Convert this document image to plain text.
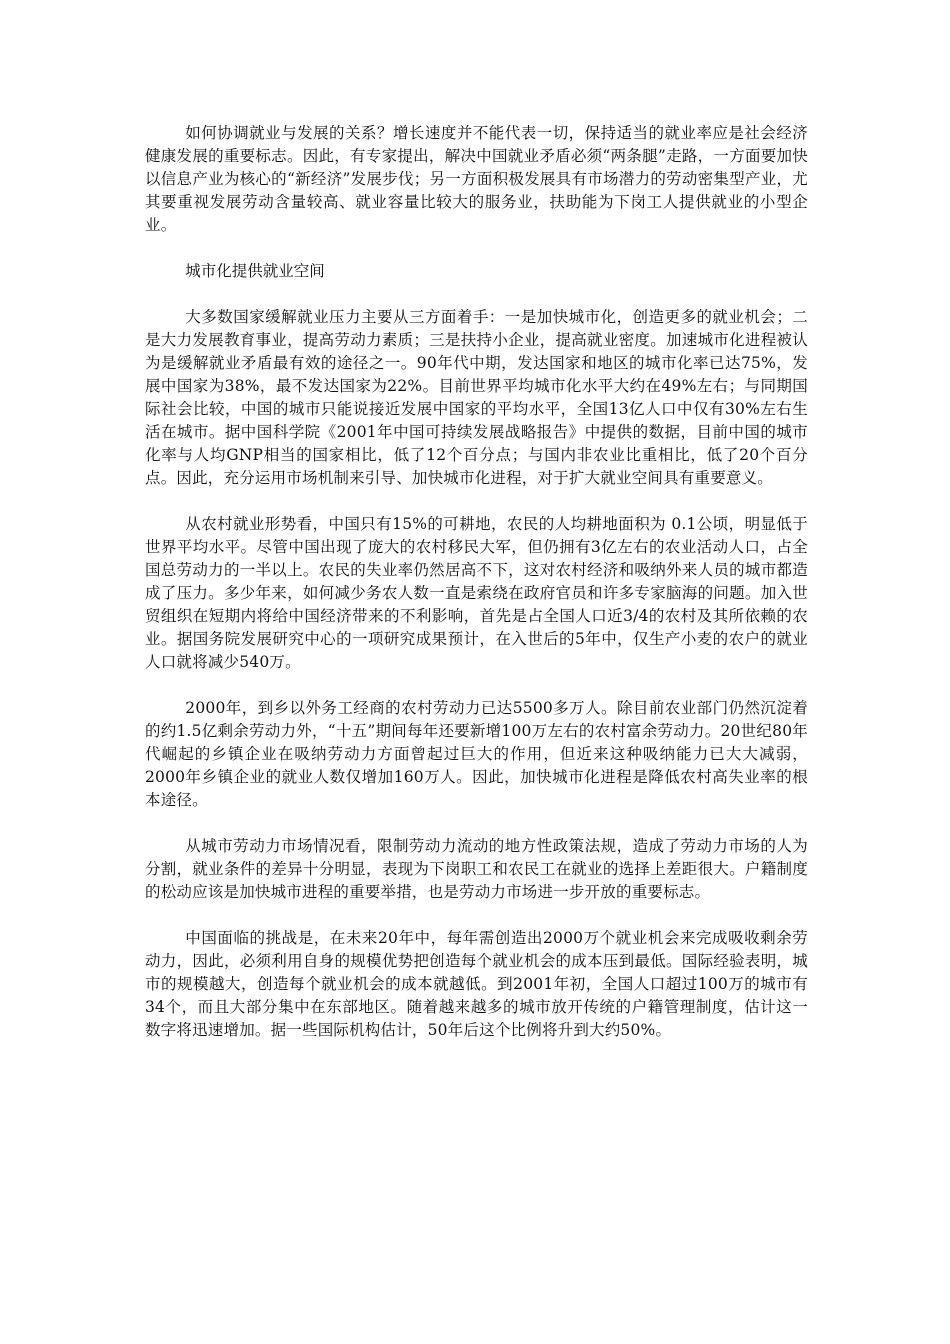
如何协调就业与发展的关系？增长速度并不能代表一切，保持适当的就业率应是社会经济健康发展的重要标志。因此，有专家提出，解决中国就业矛盾必须“两条腿”走路，一方面要加快以信息产业为核心的“新经济”发展步伐；另一方面积极发展具有市场潜力的劳动密集型产业，尤其要重视发展劳动含量较高、就业容量比较大的服务业，扶助能为下岗工人提供就业的小型企业。

城市化提供就业空间

大多数国家缓解就业压力主要从三方面着手：一是加快城市化，创造更多的就业机会；二是大力发展教育事业，提高劳动力素质；三是扶持小企业，提高就业密度。加速城市化进程被认为是缓解就业矛盾最有效的途径之一。90年代中期，发达国家和地区的城市化率已达75%，发展中国家为38%，最不发达国家为22%。目前世界平均城市化水平大约在49%左右；与同期国际社会比较，中国的城市只能说接近发展中国家的平均水平，全国13亿人口中仅有30%左右生活在城市。据中国科学院《2001年中国可持续发展战略报告》中提供的数据，目前中国的城市化率与人均GNP相当的国家相比，低了12个百分点；与国内非农业比重相比，低了20个百分点。因此，充分运用市场机制来引导、加快城市化进程，对于扩大就业空间具有重要意义。

从农村就业形势看，中国只有15%的可耕地，农民的人均耕地面积为 0.1公顷，明显低于世界平均水平。尽管中国出现了庞大的农村移民大军，但仍拥有3亿左右的农业活动人口，占全国总劳动力的一半以上。农民的失业率仍然居高不下，这对农村经济和吸纳外来人员的城市都造成了压力。多少年来，如何减少务农人数一直是索绕在政府官员和许多专家脑海的问题。加入世贸组织在短期内将给中国经济带来的不利影响，首先是占全国人口近3/4的农村及其所依赖的农业。据国务院发展研究中心的一项研究成果预计，在入世后的5年中，仅生产小麦的农户的就业人口就将减少540万。

2000年，到乡以外务工经商的农村劳动力已达5500多万人。除目前农业部门仍然沉淀着的约1.5亿剩余劳动力外，“十五”期间每年还要新增100万左右的农村富余劳动力。20世纪80年代崛起的乡镇企业在吸纳劳动力方面曾起过巨大的作用，但近来这种吸纳能力已大大减弱，2000年乡镇企业的就业人数仅增加160万人。因此，加快城市化进程是降低农村高失业率的根本途径。

从城市劳动力市场情况看，限制劳动力流动的地方性政策法规，造成了劳动力市场的人为分割，就业条件的差异十分明显，表现为下岗职工和农民工在就业的选择上差距很大。户籍制度的松动应该是加快城市进程的重要举措，也是劳动力市场进一步开放的重要标志。

中国面临的挑战是，在未来20年中，每年需创造出2000万个就业机会来完成吸收剩余劳动力，因此，必须利用自身的规模优势把创造每个就业机会的成本压到最低。国际经验表明，城市的规模越大，创造每个就业机会的成本就越低。到2001年初，全国人口超过100万的城市有34个，而且大部分集中在东部地区。随着越来越多的城市放开传统的户籍管理制度，估计这一数字将迅速增加。据一些国际机构估计，50年后这个比例将升到大约50%。
